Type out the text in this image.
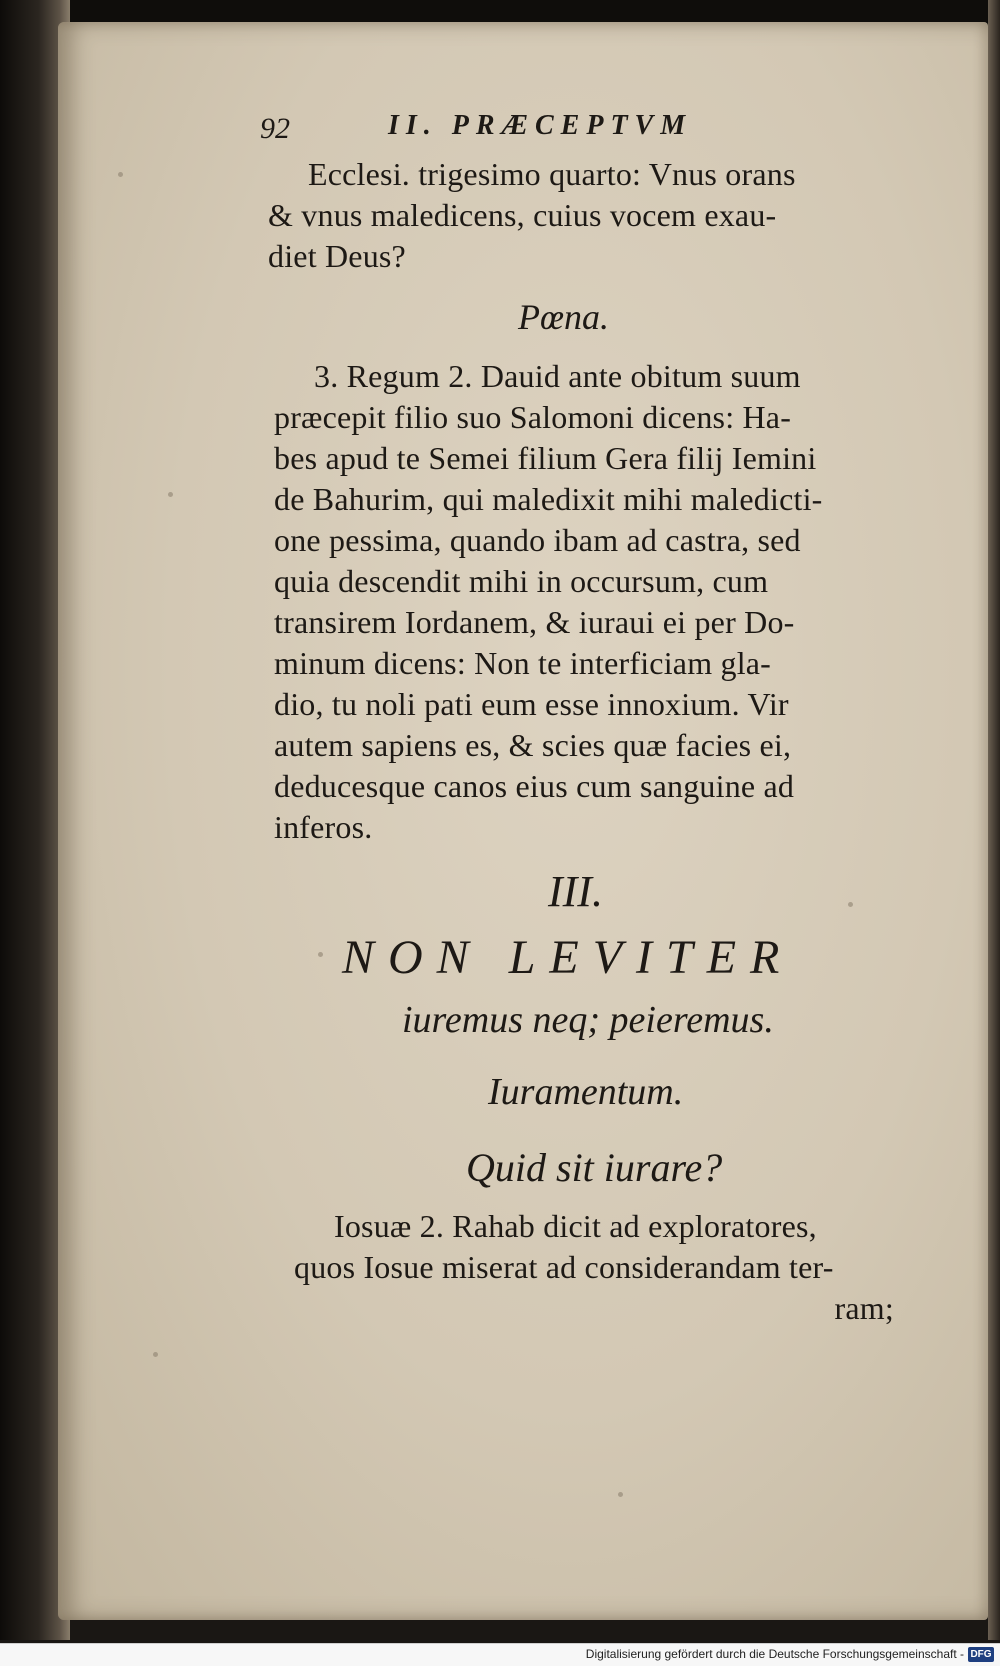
92	II. PRÆCEPTVM
Ecclesi. trigesimo quarto: Vnus orans
& vnus maledicens, cuius vocem exau-
diet Deus?
Pœna.
3. Regum 2. Dauid ante obitum suum
præcepit filio suo Salomoni dicens: Ha-
bes apud te Semei filium Gera filij Iemini
de Bahurim, qui maledixit mihi maledicti-
one pessima, quando ibam ad castra, sed
quia descendit mihi in occursum, cum
transirem Iordanem, & iuraui ei per Do-
minum dicens: Non te interficiam gla-
dio, tu noli pati eum esse innoxium. Vir
autem sapiens es, & scies quæ facies ei,
deducesque canos eius cum sanguine ad
inferos.
III.
NON LEVITER
iuremus neq; peieremus.
Iuramentum.
Quid sit iurare?
Iosuæ 2. Rahab dicit ad exploratores,
quos Iosue miserat ad considerandam ter-
ram;
Digitalisierung gefördert durch die Deutsche Forschungsgemeinschaft - DFG
